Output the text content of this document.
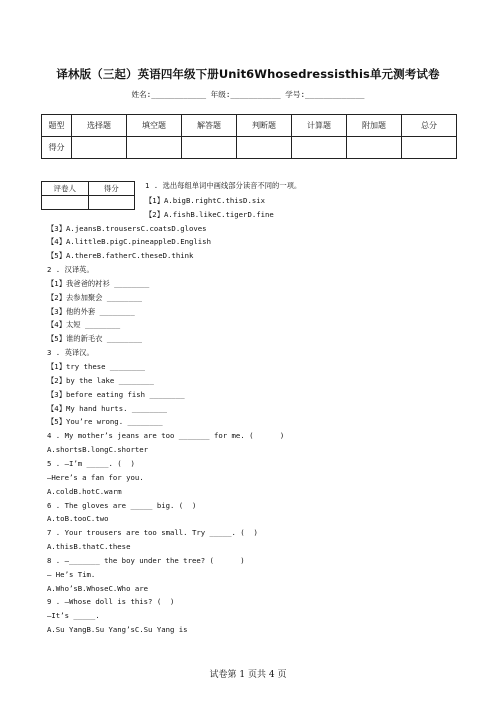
译林版（三起）英语四年级下册Unit6Whosedressisthis单元测考试卷
姓名:____________ 年级:___________ 学号:_____________
题型	选择题	填空题	解答题	判断题	计算题	附加题	总分
得分							
评卷人	得分
		1 . 选出每组单词中画线部分读音不同的一项。
【1】A.bigB.rightC.thisD.six
【2】A.fishB.likeC.tigerD.fine
【3】A.jeansB.trousersC.coatsD.gloves
【4】A.littleB.pigC.pineappleD.English
【5】A.thereB.fatherC.theseD.think
2 . 汉译英。
【1】我爸爸的衬衫 ________
【2】去参加聚会 ________
【3】他的外套 ________
【4】太短 ________
【5】谁的新毛衣 ________
3 . 英译汉。
【1】try these ________
【2】by the lake ________
【3】before eating fish ________
【4】My hand hurts. ________
【5】You’re wrong. ________
4 . My mother’s jeans are too _______ for me. (      )
A.shortsB.longC.shorter
5 . —I’m _____. (  )
—Here’s a fan for you.
A.coldB.hotC.warm
6 . The gloves are _____ big. (  )
A.toB.tooC.two
7 . Your trousers are too small. Try _____. (  )
A.thisB.thatC.these
8 . —_______ the boy under the tree? (      )
— He’s Tim.
A.Who’sB.WhoseC.Who are
9 . —Whose doll is this? (  )
—It’s _____.
A.Su YangB.Su Yang’sC.Su Yang is
试卷第 1 页共 4 页
